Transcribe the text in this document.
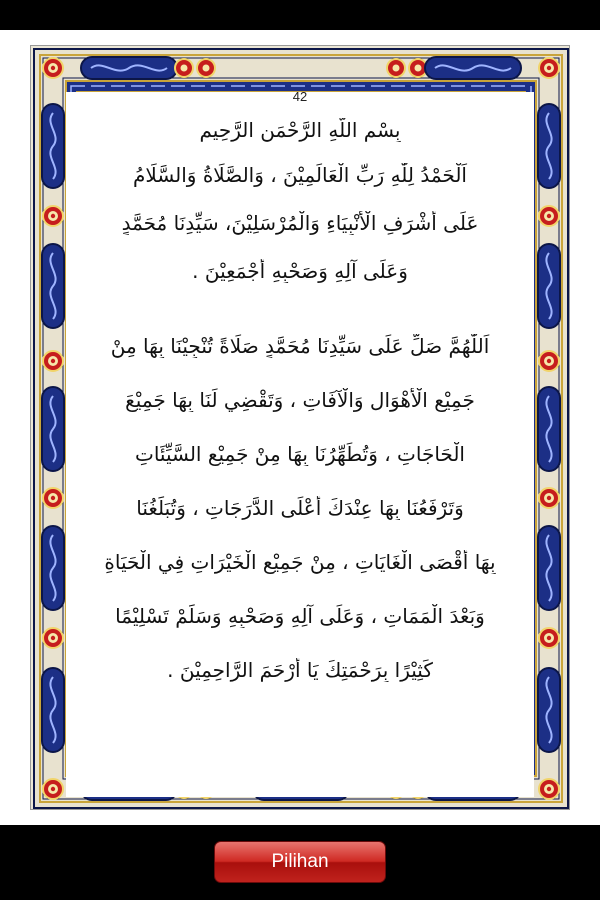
42
بِسْمِ اللَّهِ الرَّحْمَنِ الرَّحِيمِ
اَلْحَمْدُ لِلّٰهِ رَبِّ الْعَالَمِيْنَ ، وَالصَّلَاةُ وَالسَّلَامُ
عَلَى أَشْرَفِ الْأَنْبِيَاءِ وَالْمُرْسَلِيْنَ، سَيِّدِنَا مُحَمَّدٍ
وَعَلَى آلِهِ وَصَحْبِهِ أَجْمَعِيْنَ .
اَللّٰهُمَّ صَلِّ عَلَى سَيِّدِنَا مُحَمَّدٍ صَلَاةً تُنْجِيْنَا بِهَا مِنْ
جَمِيْعِ الْأَهْوَالِ وَالْآفَاتِ ، وَتَقْضِي لَنَا بِهَا جَمِيْعَ
الْحَاجَاتِ ، وَتُطَهِّرُنَا بِهَا مِنْ جَمِيْعِ السَّيِّئَاتِ
وَتَرْفَعُنَا بِهَا عِنْدَكَ أَعْلَى الدَّرَجَاتِ ، وَتُبَلِّغُنَا
بِهَا أَقْصَى الْغَايَاتِ ، مِنْ جَمِيْعِ الْخَيْرَاتِ فِي الْحَيَاةِ
وَبَعْدَ الْمَمَاتِ ، وَعَلَى آلِهِ وَصَحْبِهِ وَسَلِّمْ تَسْلِيْمًا
كَثِيْرًا بِرَحْمَتِكَ يَا أَرْحَمَ الرَّاحِمِيْنَ .
Pilihan
